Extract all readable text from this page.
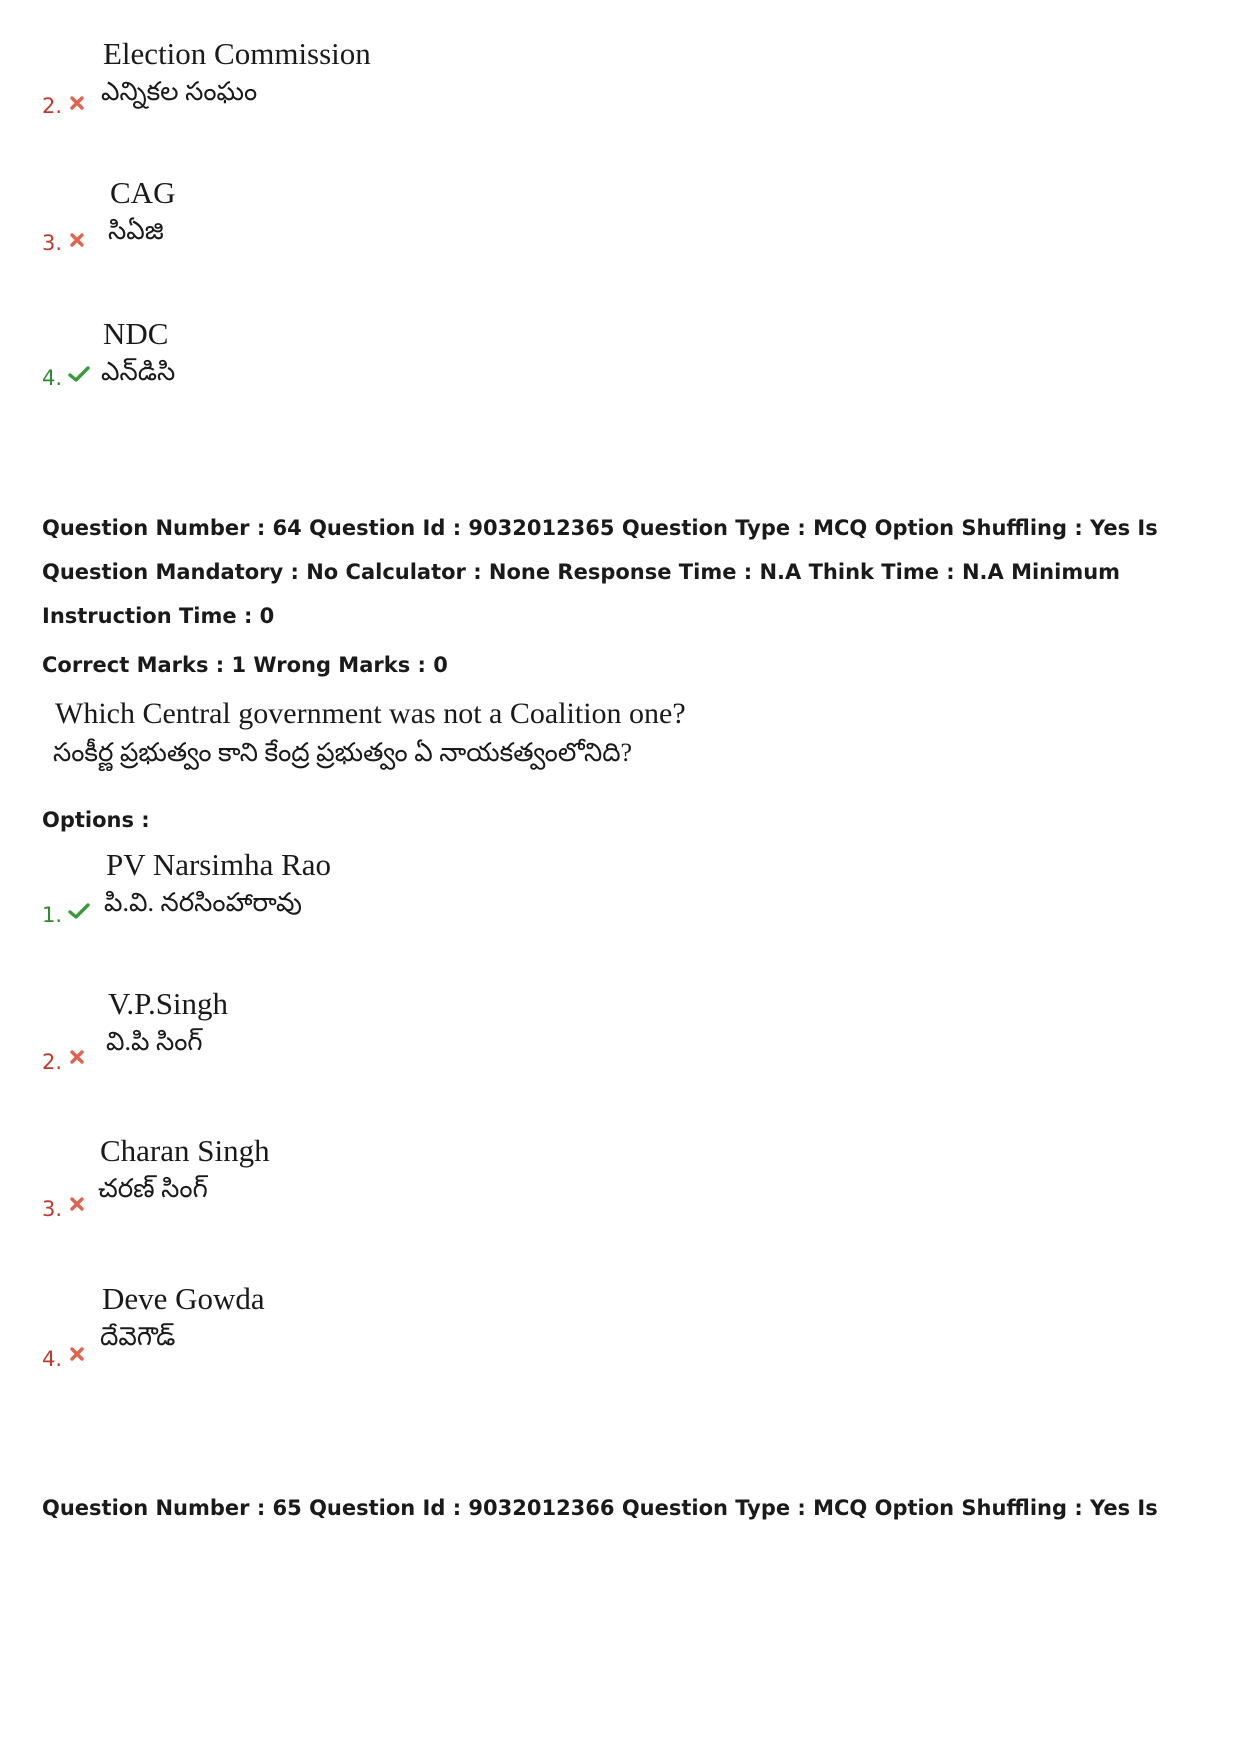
Election Commission
ఎన్నికల సంఘం
2.
CAG
సిఏజి
3.
NDC
ఎన్‌డిసి
4.
Question Number : 64 Question Id : 9032012365 Question Type : MCQ Option Shuffling : Yes Is
Question Mandatory : No Calculator : None Response Time : N.A Think Time : N.A Minimum
Instruction Time : 0
Correct Marks : 1 Wrong Marks : 0
Which Central government was not a Coalition one?
సంకీర్ణ ప్రభుత్వం కాని కేంద్ర ప్రభుత్వం ఏ నాయకత్వంలోనిది?
Options :
PV Narsimha Rao
పి.వి. నరసింహారావు
1.
V.P.Singh
వి.పి సింగ్
2.
Charan Singh
చరణ్ సింగ్
3.
Deve Gowda
దేవెగౌడ్
4.
Question Number : 65 Question Id : 9032012366 Question Type : MCQ Option Shuffling : Yes Is
